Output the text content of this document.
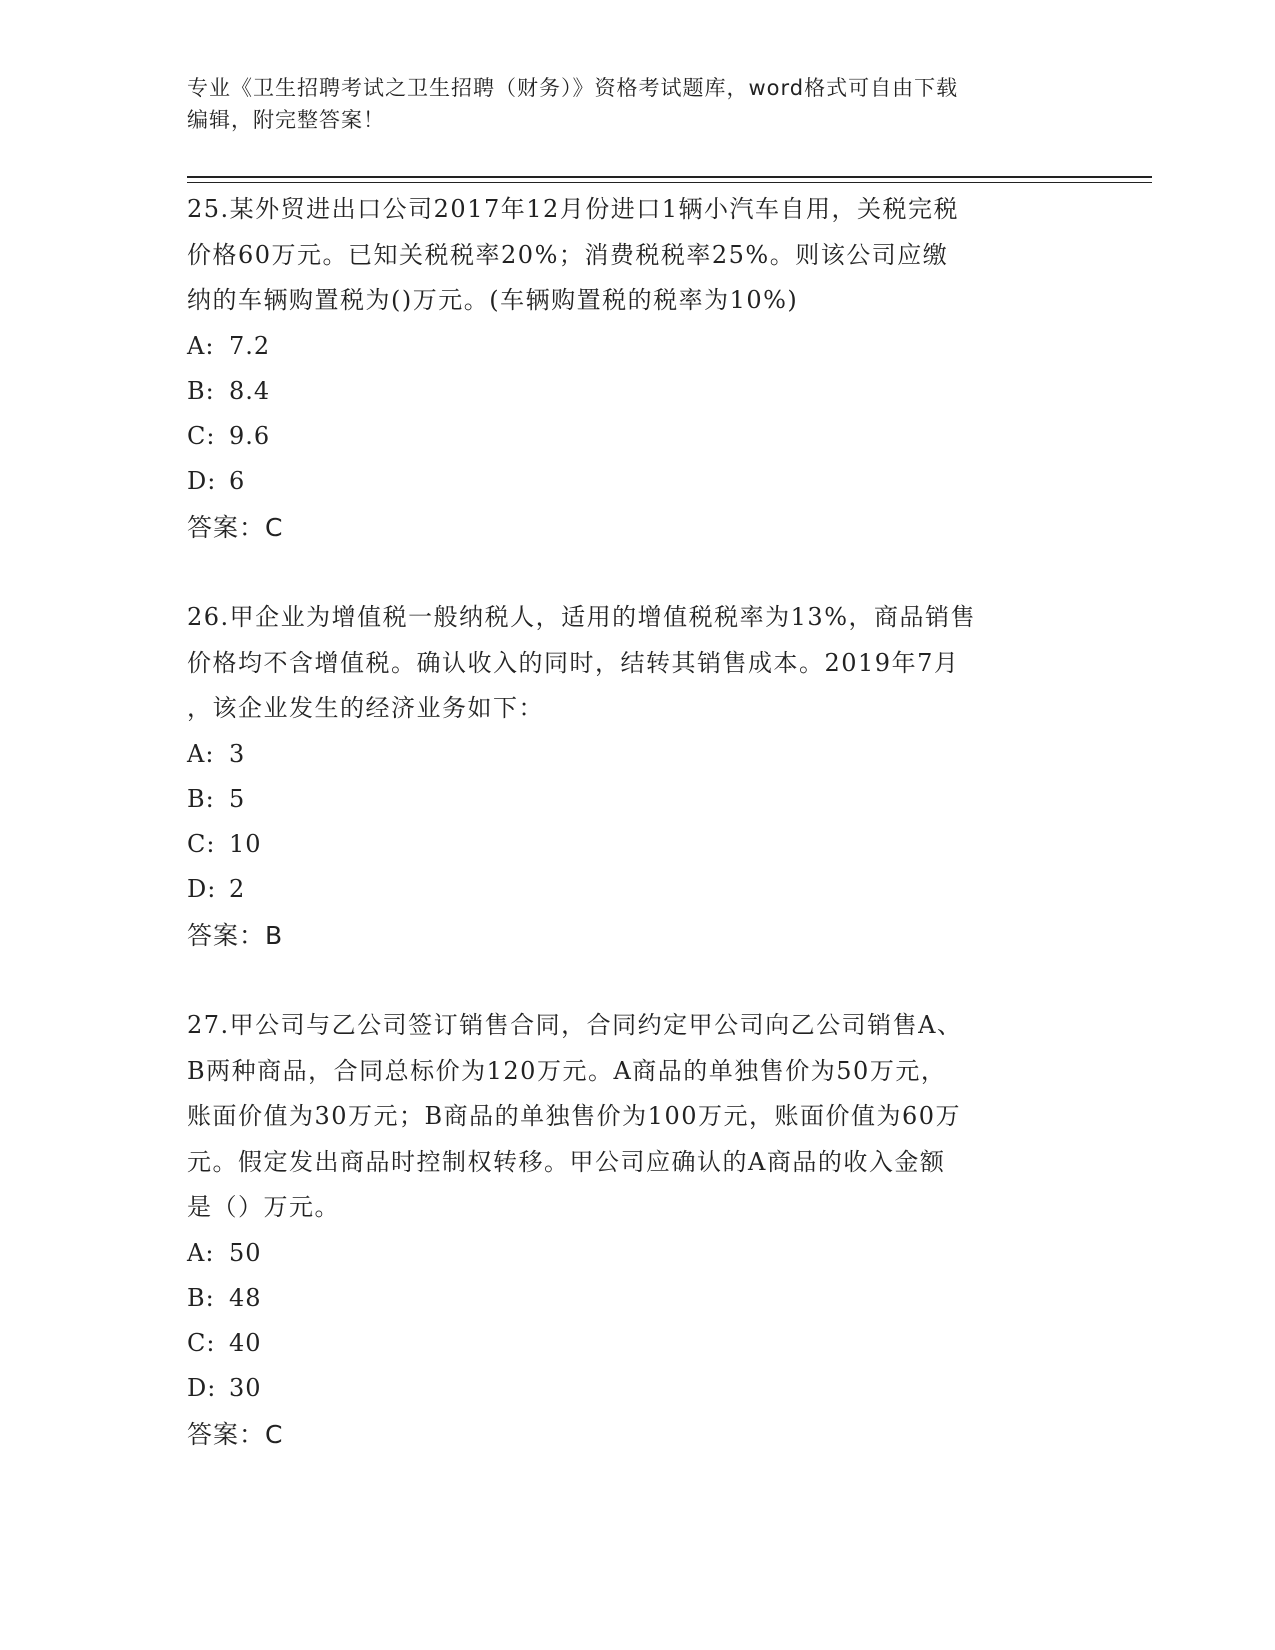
专业《卫生招聘考试之卫生招聘（财务）》资格考试题库，word格式可自由下载
编辑，附完整答案！
25.某外贸进出口公司2017年12月份进口1辆小汽车自用，关税完税
价格60万元。已知关税税率20%；消费税税率25%。则该公司应缴
纳的车辆购置税为()万元。(车辆购置税的税率为10%)
A: 7.2
B: 8.4
C: 9.6
D: 6
答案：C
26.甲企业为增值税一般纳税人，适用的增值税税率为13%，商品销售
价格均不含增值税。确认收入的同时，结转其销售成本。2019年7月
，该企业发生的经济业务如下：
A: 3
B: 5
C: 10
D: 2
答案：B
27.甲公司与乙公司签订销售合同，合同约定甲公司向乙公司销售A、
B两种商品，合同总标价为120万元。A商品的单独售价为50万元，
账面价值为30万元；B商品的单独售价为100万元，账面价值为60万
元。假定发出商品时控制权转移。甲公司应确认的A商品的收入金额
是（）万元。
A: 50
B: 48
C: 40
D: 30
答案：C
